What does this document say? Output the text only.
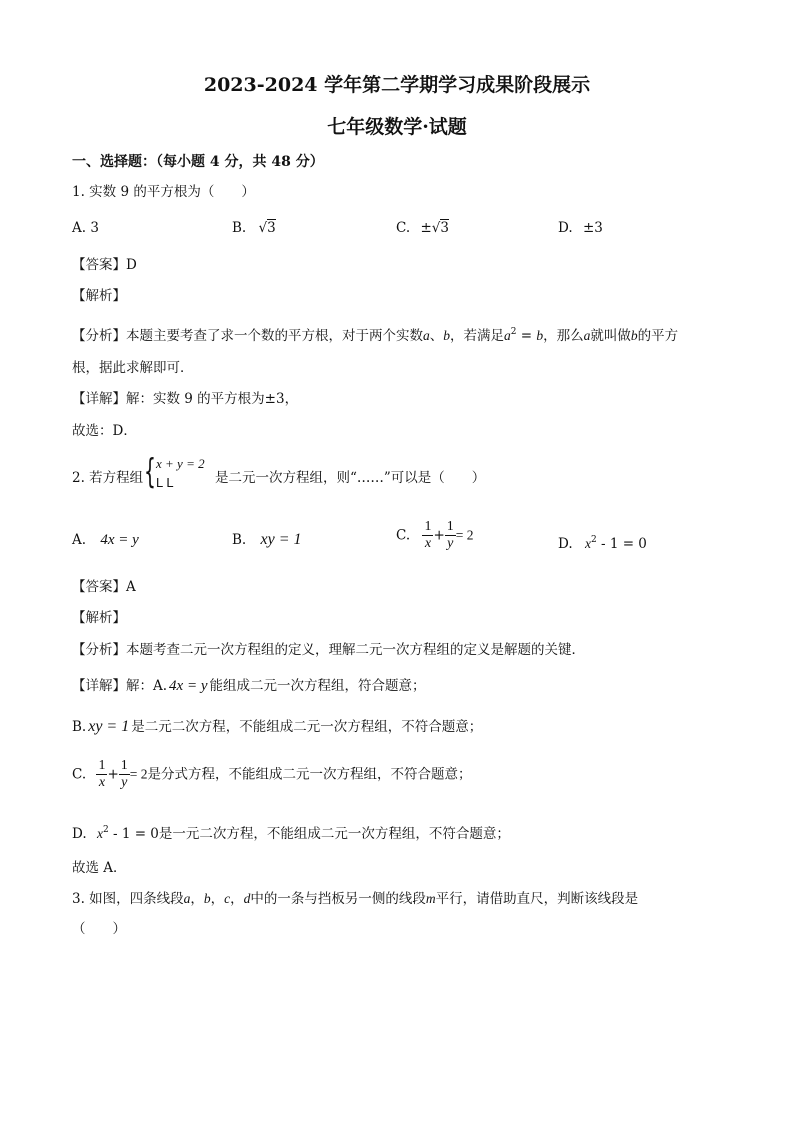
2023-2024 学年第二学期学习成果阶段展示
七年级数学·试题
一、选择题：（每小题 4 分，共 48 分）
1. 实数 9 的平方根为（　　）
A. 3	B. √3	C. ±√3	D. ±3
【答案】D
【解析】
【分析】本题主要考查了求一个数的平方根，对于两个实数a、b，若满足$a^2 = b$，那么a就叫做b的平方
根，据此求解即可．
【详解】解：实数 9 的平方根为±3，
故选：D．
2. 若方程组 { x + y = 2
L L	是二元一次方程组，则“……”可以是（　　）
A. 4x = y	B. xy = 1	C. $\frac{1}{x} + \frac{1}{y} = 2$
D. $x^2 - 1 = 0$
【答案】A
【解析】
【分析】本题考查二元一次方程组的定义，理解二元一次方程组的定义是解题的关键．
【详解】解：A. 4x = y 能组成二元一次方程组，符合题意；
B. xy = 1 是二元二次方程，不能组成二元一次方程组，不符合题意；
C. $\frac{1}{x} + \frac{1}{y} = 2$是分式方程，不能组成二元一次方程组，不符合题意；
D. $x^2 - 1 = 0$是一元二次方程，不能组成二元一次方程组，不符合题意；
故选 A．
3. 如图，四条线段a，b，c，d中的一条与挡板另一侧的线段m平行，请借助直尺，判断该线段是
（　　）
